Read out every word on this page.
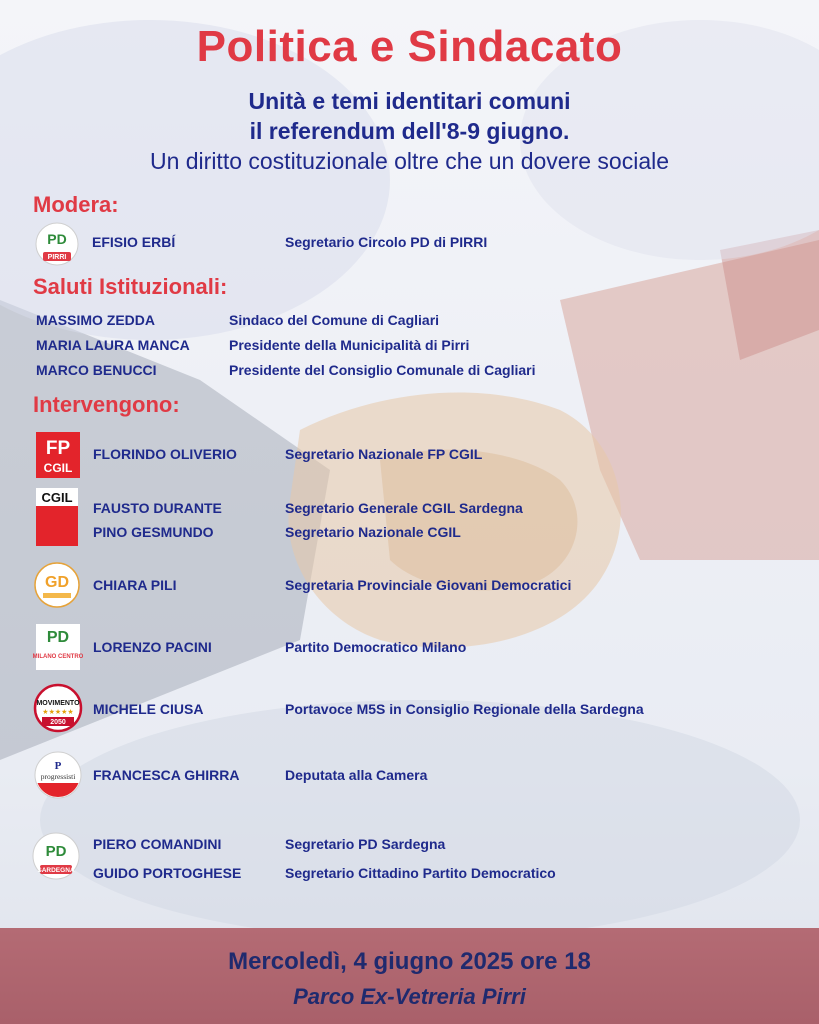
Politica e Sindacato
Unità e temi identitari comuni
il referendum dell'8-9 giugno.
Un diritto costituzionale oltre che un dovere sociale
Modera:
PD
PIRRI
EFISIO ERBÍ	Segretario Circolo PD di PIRRI
Saluti Istituzionali:
MASSIMO ZEDDA	Sindaco del Comune di Cagliari
MARIA LAURA MANCA	Presidente della Municipalità di Pirri
MARCO BENUCCI	Presidente del Consiglio Comunale di Cagliari
Intervengono:
FP
CGIL
FLORINDO OLIVERIO	Segretario Nazionale FP CGIL
CGIL
FAUSTO DURANTE	Segretario Generale CGIL Sardegna
PINO GESMUNDO	Segretario Nazionale CGIL
GD CHIARA PILI	Segretaria Provinciale Giovani Democratici
PD
MILANO CENTRO
LORENZO PACINI	Partito Democratico Milano
MOVIMENTO
★★★★★
2050
MICHELE CIUSA	Portavoce M5S in Consiglio Regionale della Sardegna
P
progressisti FRANCESCA GHIRRA	Deputata alla Camera
PD
SARDEGNA
PIERO COMANDINI	Segretario PD Sardegna
GUIDO PORTOGHESE	Segretario Cittadino Partito Democratico
Mercoledì, 4 giugno 2025 ore 18
Parco Ex-Vetreria Pirri
